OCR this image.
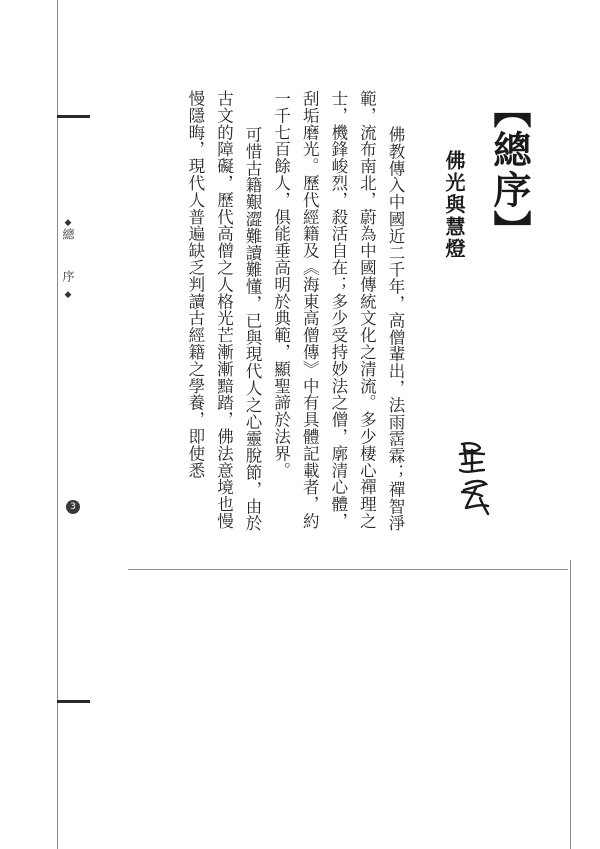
◆總 序◆
3
【總序】
佛光與慧燈

佛教傳入中國近二千年，高僧輩出，法雨霑霖；禪智淨範，流布南北，蔚為中國傳統文化之清流。多少棲心禪理之士，機鋒峻烈，殺活自在；多少受持妙法之僧，廓清心體，刮垢磨光。歷代經籍及《海東高僧傳》中有具體記載者，約一千七百餘人，俱能垂高明於典範，顯聖諦於法界。

可惜古籍艱澀難讀難懂，已與現代人之心靈脫節，由於古文的障礙，歷代高僧之人格光芒漸漸黯踏，佛法意境也慢慢隱晦，現代人普遍缺乏判讀古經籍之學養，即使悉
